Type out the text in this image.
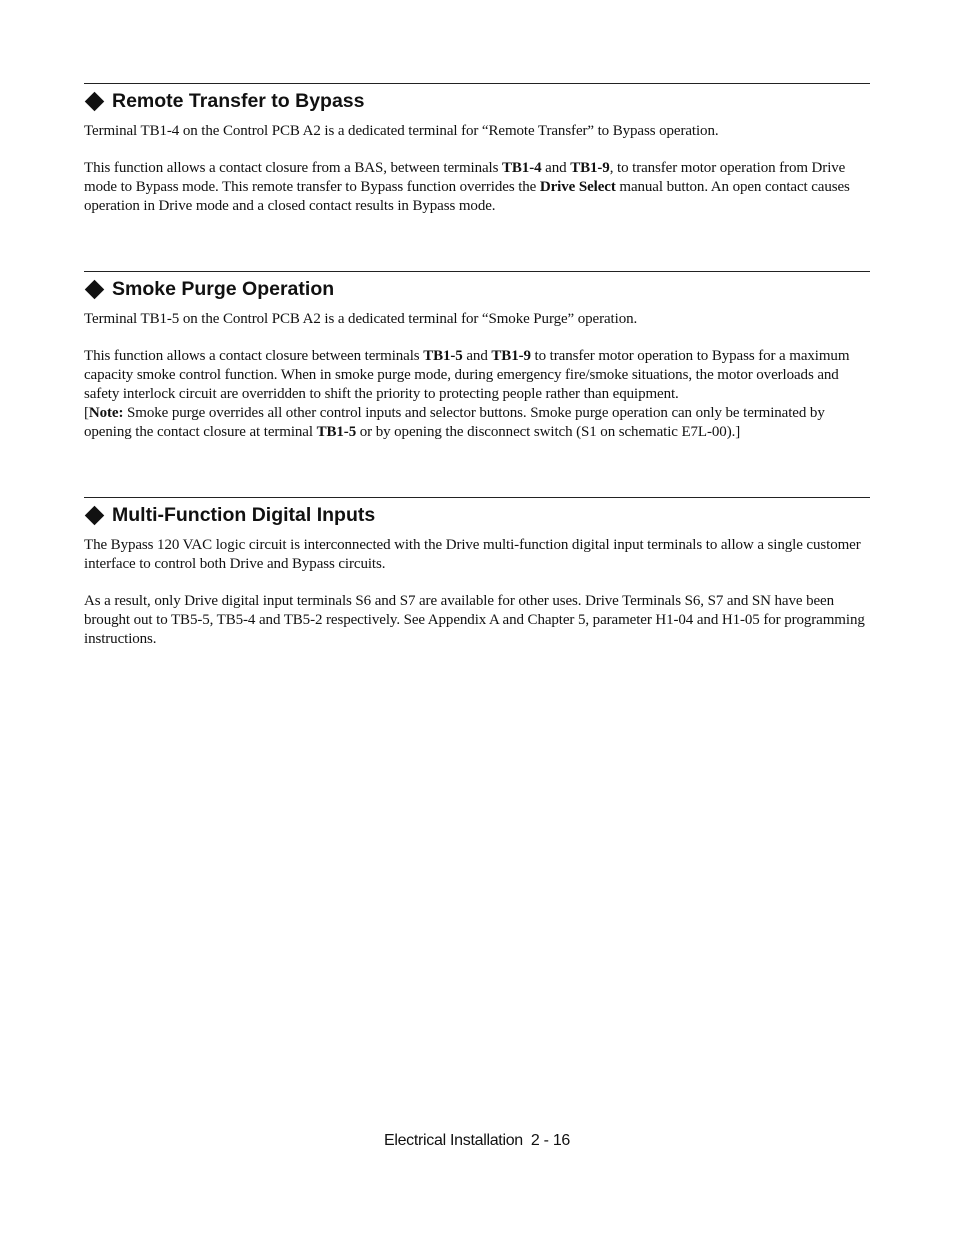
Remote Transfer to Bypass

Terminal TB1-4 on the Control PCB A2 is a dedicated terminal for “Remote Transfer” to Bypass operation.

This function allows a contact closure from a BAS, between terminals TB1-4 and TB1-9, to transfer motor operation from Drive mode to Bypass mode. This remote transfer to Bypass function overrides the Drive Select manual button. An open contact causes operation in Drive mode and a closed contact results in Bypass mode.

Smoke Purge Operation

Terminal TB1-5 on the Control PCB A2 is a dedicated terminal for “Smoke Purge” operation.

This function allows a contact closure between terminals TB1-5 and TB1-9 to transfer motor operation to Bypass for a maximum capacity smoke control function. When in smoke purge mode, during emergency fire/smoke situations, the motor overloads and safety interlock circuit are overridden to shift the priority to protecting people rather than equipment.

[Note: Smoke purge overrides all other control inputs and selector buttons. Smoke purge operation can only be terminated by opening the contact closure at terminal TB1-5 or by opening the disconnect switch (S1 on schematic E7L-00).]

Multi-Function Digital Inputs

The Bypass 120 VAC logic circuit is interconnected with the Drive multi-function digital input terminals to allow a single customer interface to control both Drive and Bypass circuits.

As a result, only Drive digital input terminals S6 and S7 are available for other uses. Drive Terminals S6, S7 and SN have been brought out to TB5-5, TB5-4 and TB5-2 respectively. See Appendix A and Chapter 5, parameter H1-04 and H1-05 for programming instructions.

Electrical Installation 2 - 16
